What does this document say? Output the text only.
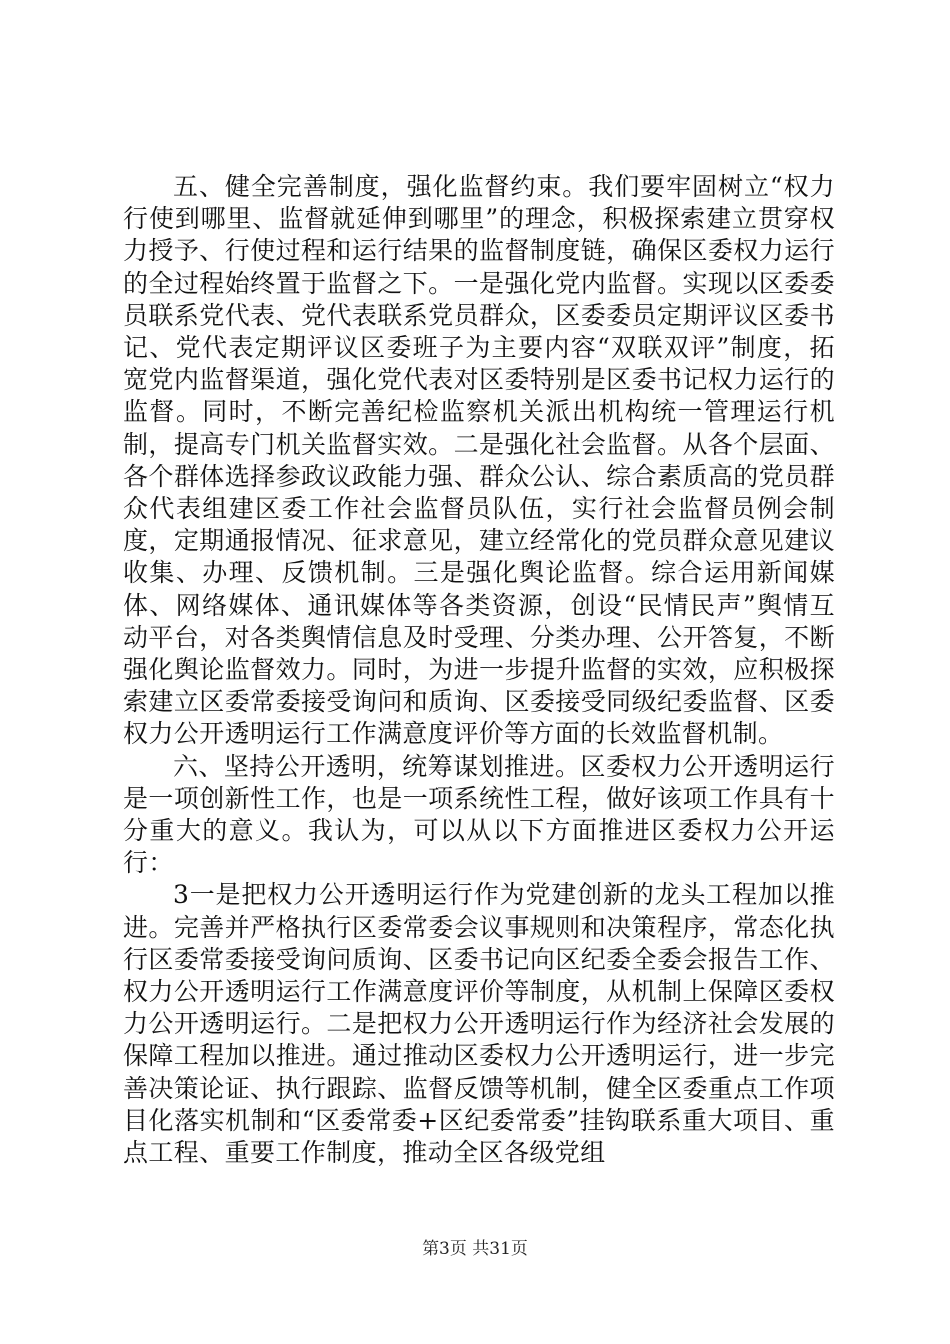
五、健全完善制度，强化监督约束。我们要牢固树立“权力行使到哪里、监督就延伸到哪里”的理念，积极探索建立贯穿权力授予、行使过程和运行结果的监督制度链，确保区委权力运行的全过程始终置于监督之下。一是强化党内监督。实现以区委委员联系党代表、党代表联系党员群众，区委委员定期评议区委书记、党代表定期评议区委班子为主要内容“双联双评”制度，拓宽党内监督渠道，强化党代表对区委特别是区委书记权力运行的监督。同时，不断完善纪检监察机关派出机构统一管理运行机制，提高专门机关监督实效。二是强化社会监督。从各个层面、各个群体选择参政议政能力强、群众公认、综合素质高的党员群众代表组建区委工作社会监督员队伍，实行社会监督员例会制度，定期通报情况、征求意见，建立经常化的党员群众意见建议收集、办理、反馈机制。三是强化舆论监督。综合运用新闻媒体、网络媒体、通讯媒体等各类资源，创设“民情民声”舆情互动平台，对各类舆情信息及时受理、分类办理、公开答复，不断强化舆论监督效力。同时，为进一步提升监督的实效，应积极探索建立区委常委接受询问和质询、区委接受同级纪委监督、区委权力公开透明运行工作满意度评价等方面的长效监督机制。

六、坚持公开透明，统筹谋划推进。区委权力公开透明运行是一项创新性工作，也是一项系统性工程，做好该项工作具有十分重大的意义。我认为，可以从以下方面推进区委权力公开运行：

3一是把权力公开透明运行作为党建创新的龙头工程加以推进。完善并严格执行区委常委会议事规则和决策程序，常态化执行区委常委接受询问质询、区委书记向区纪委全委会报告工作、权力公开透明运行工作满意度评价等制度，从机制上保障区委权力公开透明运行。二是把权力公开透明运行作为经济社会发展的保障工程加以推进。通过推动区委权力公开透明运行，进一步完善决策论证、执行跟踪、监督反馈等机制，健全区委重点工作项目化落实机制和“区委常委+区纪委常委”挂钩联系重大项目、重点工程、重要工作制度，推动全区各级党组

第3页 共31页
